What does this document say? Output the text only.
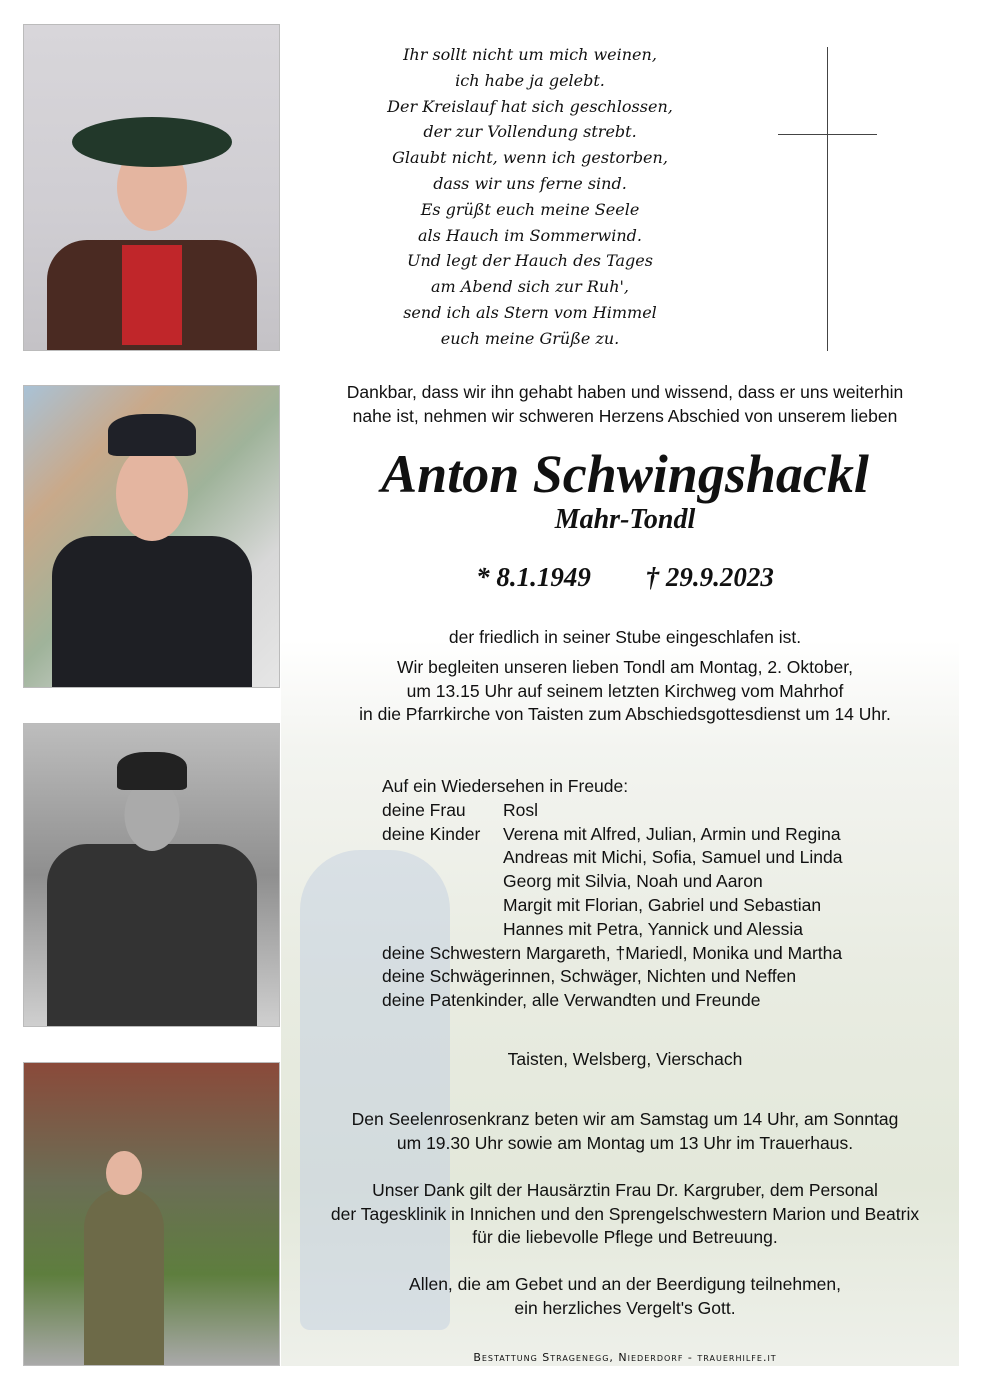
Ihr sollt nicht um mich weinen,
ich habe ja gelebt.
Der Kreislauf hat sich geschlossen,
der zur Vollendung strebt.
Glaubt nicht, wenn ich gestorben,
dass wir uns ferne sind.
Es grüßt euch meine Seele
als Hauch im Sommerwind.
Und legt der Hauch des Tages
am Abend sich zur Ruh',
send ich als Stern vom Himmel
euch meine Grüße zu.
Dankbar, dass wir ihn gehabt haben und wissend, dass er uns weiterhin
nahe ist, nehmen wir schweren Herzens Abschied von unserem lieben
Anton Schwingshackl
Mahr-Tondl
* 8.1.1949 † 29.9.2023
der friedlich in seiner Stube eingeschlafen ist.
Wir begleiten unseren lieben Tondl am Montag, 2. Oktober,
um 13.15 Uhr auf seinem letzten Kirchweg vom Mahrhof
in die Pfarrkirche von Taisten zum Abschiedsgottesdienst um 14 Uhr.
Auf ein Wiedersehen in Freude:
deine Frau	Rosl
deine Kinder	Verena mit Alfred, Julian, Armin und Regina
Andreas mit Michi, Sofia, Samuel und Linda
Georg mit Silvia, Noah und Aaron
Margit mit Florian, Gabriel und Sebastian
Hannes mit Petra, Yannick und Alessia
deine Schwestern Margareth, †Mariedl, Monika und Martha
deine Schwägerinnen, Schwäger, Nichten und Neffen
deine Patenkinder, alle Verwandten und Freunde
Taisten, Welsberg, Vierschach
Den Seelenrosenkranz beten wir am Samstag um 14 Uhr, am Sonntag
um 19.30 Uhr sowie am Montag um 13 Uhr im Trauerhaus.
Unser Dank gilt der Hausärztin Frau Dr. Kargruber, dem Personal
der Tagesklinik in Innichen und den Sprengelschwestern Marion und Beatrix
für die liebevolle Pflege und Betreuung.
Allen, die am Gebet und an der Beerdigung teilnehmen,
ein herzliches Vergelt's Gott.
Bestattung Stragenegg, Niederdorf - trauerhilfe.it
